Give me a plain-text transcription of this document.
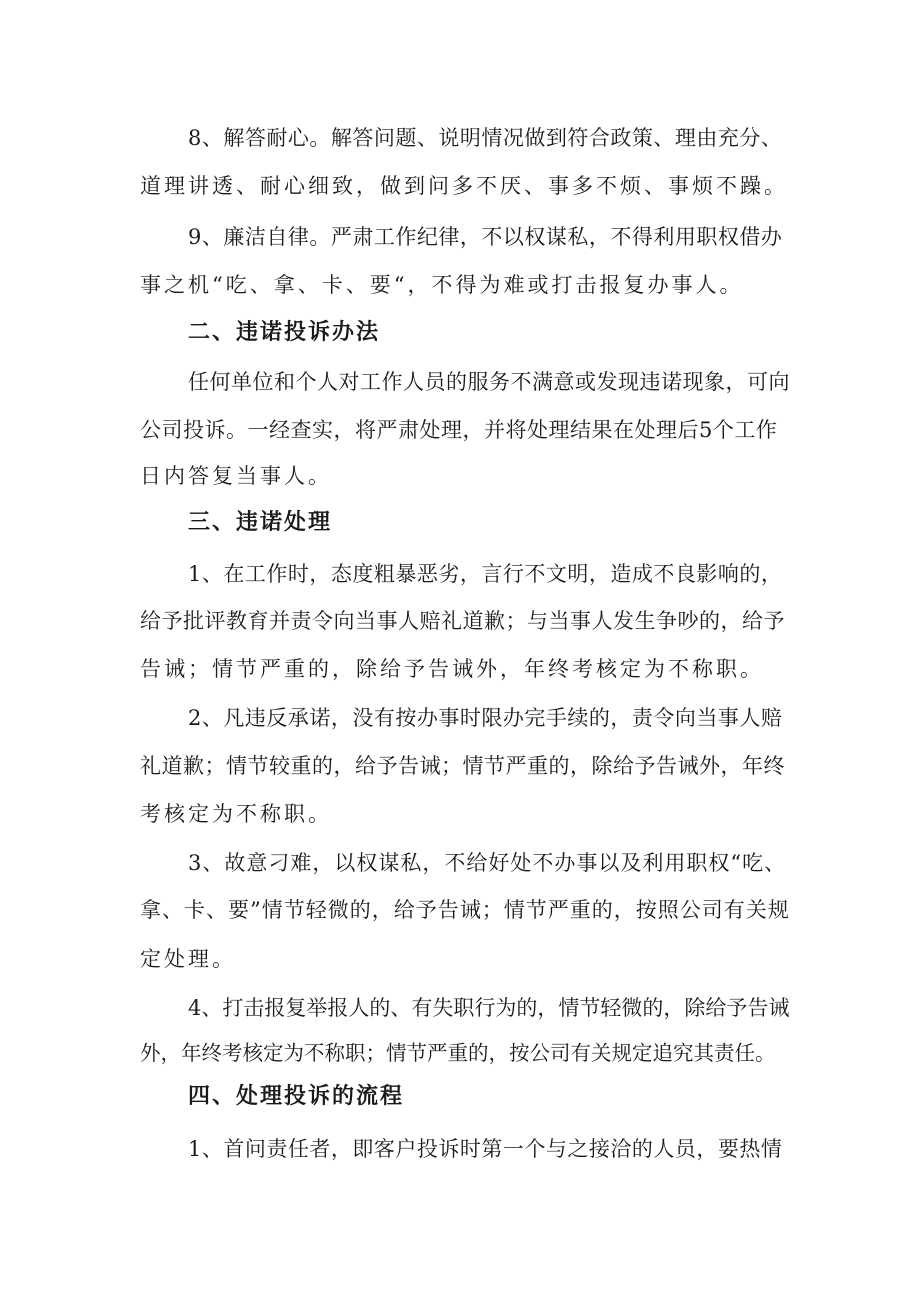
8、解答耐心。解答问题、说明情况做到符合政策、理由充分、
道理讲透、耐心细致，做到问多不厌、事多不烦、事烦不躁。
9、廉洁自律。严肃工作纪律，不以权谋私，不得利用职权借办
事之机“吃、拿、卡、要“，不得为难或打击报复办事人。
二、违诺投诉办法
任何单位和个人对工作人员的服务不满意或发现违诺现象，可向
公司投诉。一经查实，将严肃处理，并将处理结果在处理后5个工作
日内答复当事人。
三、违诺处理
1、在工作时，态度粗暴恶劣，言行不文明，造成不良影响的，
给予批评教育并责令向当事人赔礼道歉；与当事人发生争吵的，给予
告诫；情节严重的，除给予告诫外，年终考核定为不称职。
2、凡违反承诺，没有按办事时限办完手续的，责令向当事人赔
礼道歉；情节较重的，给予告诫；情节严重的，除给予告诫外，年终
考核定为不称职。
3、故意刁难，以权谋私，不给好处不办事以及利用职权“吃、
拿、卡、要”情节轻微的，给予告诫；情节严重的，按照公司有关规
定处理。
4、打击报复举报人的、有失职行为的，情节轻微的，除给予告诫
外，年终考核定为不称职；情节严重的，按公司有关规定追究其责任。
四、处理投诉的流程
1、首问责任者，即客户投诉时第一个与之接洽的人员，要热情
